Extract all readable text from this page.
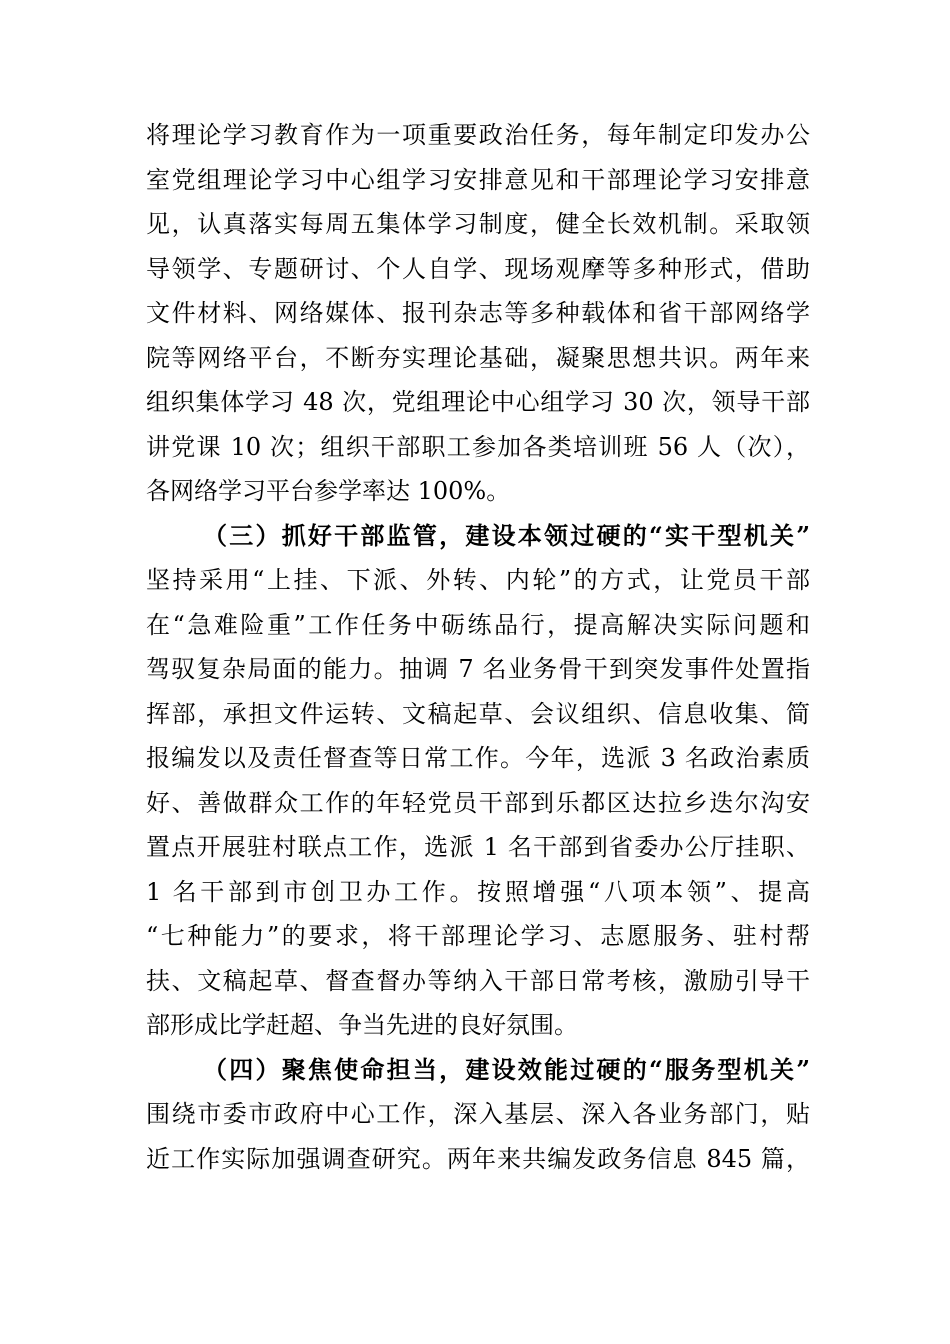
将理论学习教育作为一项重要政治任务，每年制定印发办公
室党组理论学习中心组学习安排意见和干部理论学习安排意
见，认真落实每周五集体学习制度，健全长效机制。采取领
导领学、专题研讨、个人自学、现场观摩等多种形式，借助
文件材料、网络媒体、报刊杂志等多种载体和省干部网络学
院等网络平台，不断夯实理论基础，凝聚思想共识。两年来
组织集体学习 48 次，党组理论中心组学习 30 次，领导干部
讲党课 10 次；组织干部职工参加各类培训班 56 人（次），
各网络学习平台参学率达 100%。
（三）抓好干部监管，建设本领过硬的“实干型机关”
坚持采用“上挂、下派、外转、内轮”的方式，让党员干部
在“急难险重”工作任务中砺练品行，提高解决实际问题和
驾驭复杂局面的能力。抽调 7 名业务骨干到突发事件处置指
挥部，承担文件运转、文稿起草、会议组织、信息收集、简
报编发以及责任督查等日常工作。今年，选派 3 名政治素质
好、善做群众工作的年轻党员干部到乐都区达拉乡迭尔沟安
置点开展驻村联点工作，选派 1 名干部到省委办公厅挂职、
1 名干部到市创卫办工作。按照增强“八项本领”、提高
“七种能力”的要求，将干部理论学习、志愿服务、驻村帮
扶、文稿起草、督查督办等纳入干部日常考核，激励引导干
部形成比学赶超、争当先进的良好氛围。
（四）聚焦使命担当，建设效能过硬的“服务型机关”
围绕市委市政府中心工作，深入基层、深入各业务部门，贴
近工作实际加强调查研究。两年来共编发政务信息 845 篇，
